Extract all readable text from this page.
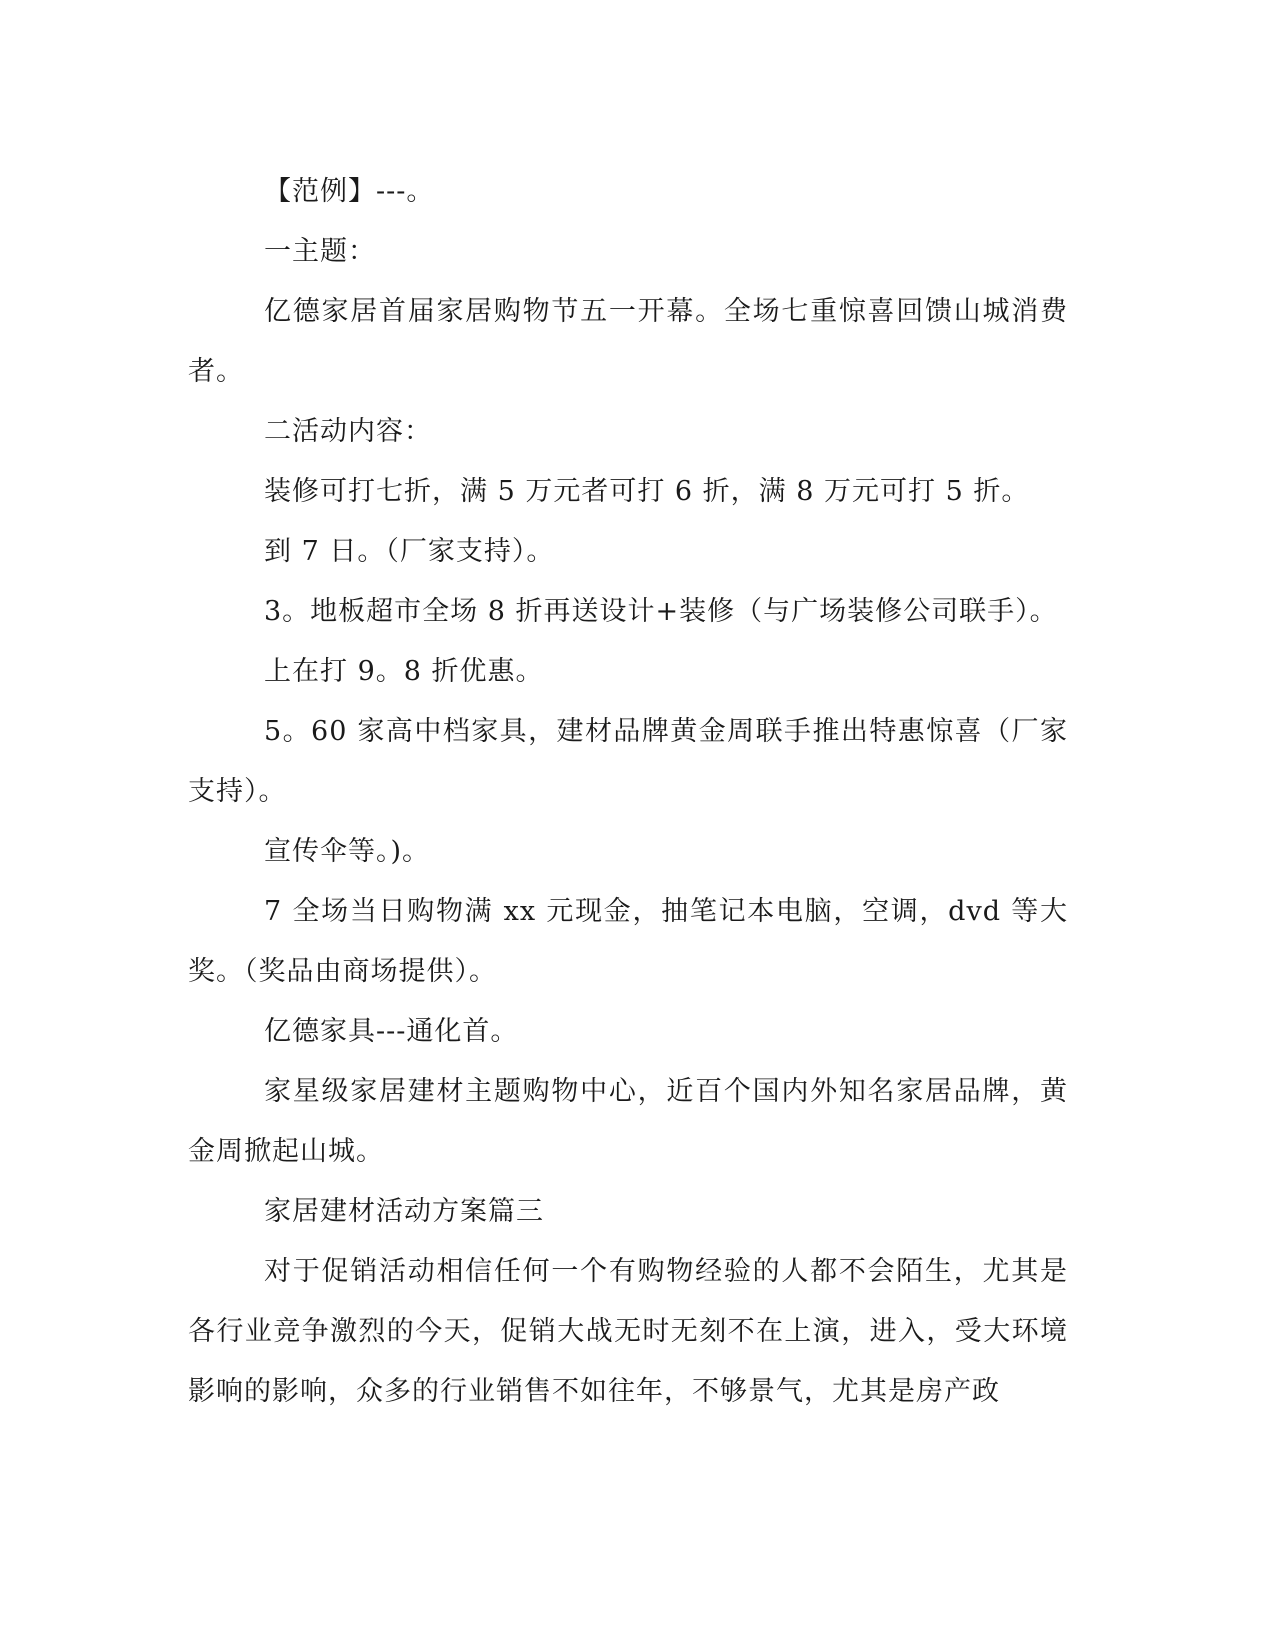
【范例】---。

一主题：

亿德家居首届家居购物节五一开幕。全场七重惊喜回馈山城消费者。

二活动内容：

装修可打七折，满 5 万元者可打 6 折，满 8 万元可打 5 折。

到 7 日。（厂家支持）。

3。地板超市全场 8 折再送设计+装修（与广场装修公司联手）。

上在打 9。8 折优惠。

5。60 家高中档家具，建材品牌黄金周联手推出特惠惊喜（厂家支持）。

宣传伞等。)。

7 全场当日购物满 xx 元现金，抽笔记本电脑，空调，dvd 等大奖。（奖品由商场提供）。

亿德家具---通化首。

家星级家居建材主题购物中心，近百个国内外知名家居品牌，黄金周掀起山城。

家居建材活动方案篇三

对于促销活动相信任何一个有购物经验的人都不会陌生，尤其是各行业竞争激烈的今天，促销大战无时无刻不在上演，进入，受大环境影响的影响，众多的行业销售不如往年，不够景气，尤其是房产政
